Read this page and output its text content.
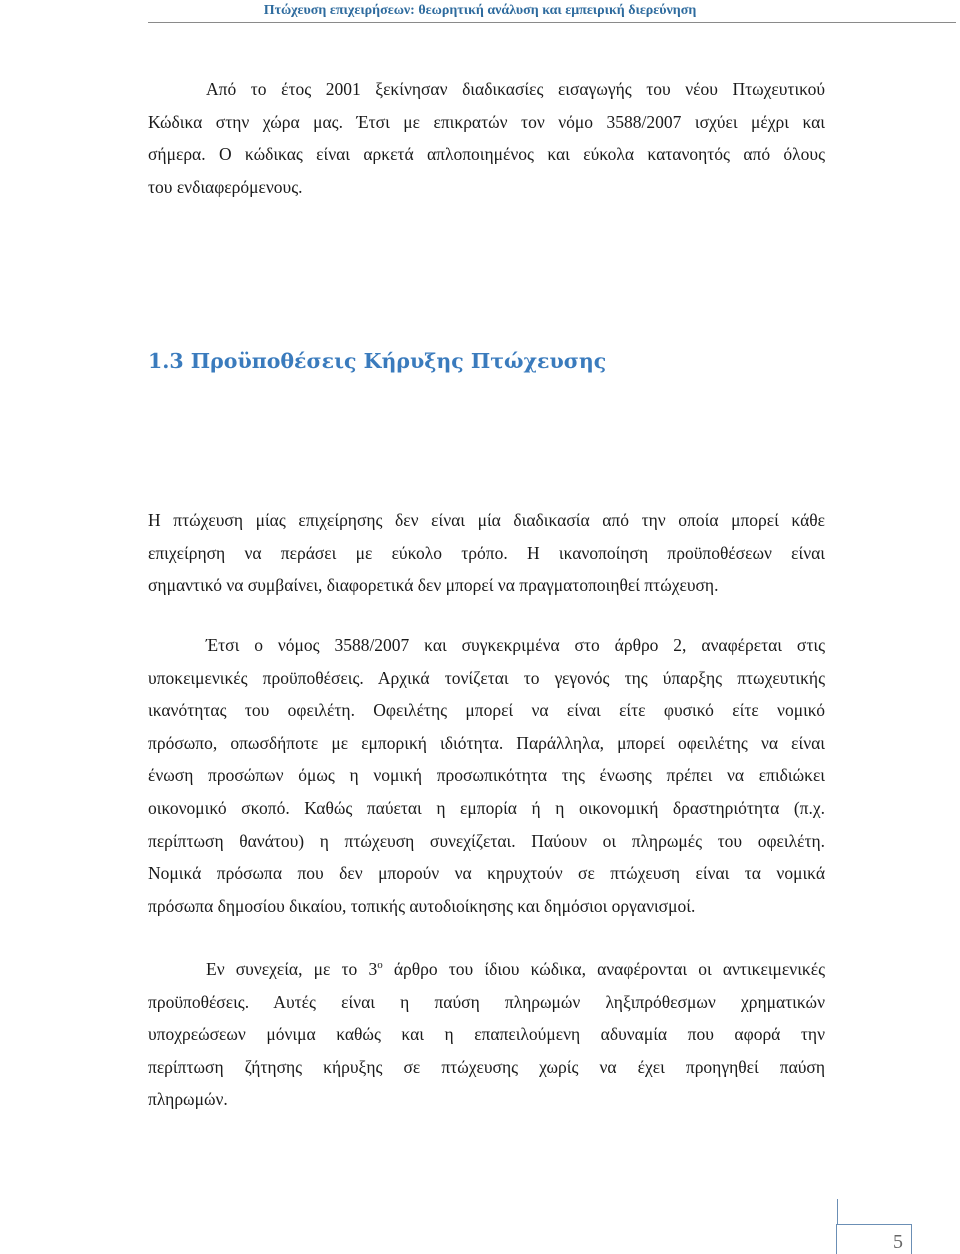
Πτώχευση επιχειρήσεων: θεωρητική ανάλυση και εμπειρική διερεύνηση
Από το έτος 2001 ξεκίνησαν διαδικασίες εισαγωγής του νέου Πτωχευτικού
Κώδικα στην χώρα μας. Έτσι με επικρατών τον νόμο 3588/2007 ισχύει μέχρι και
σήμερα. Ο κώδικας είναι αρκετά απλοποιημένος και εύκολα κατανοητός από όλους
του ενδιαφερόμενους.
1.3 Προϋποθέσεις Κήρυξης Πτώχευσης
Η πτώχευση μίας επιχείρησης δεν είναι μία διαδικασία από την οποία μπορεί κάθε
επιχείρηση να περάσει με εύκολο τρόπο. Η ικανοποίηση προϋποθέσεων είναι
σημαντικό να συμβαίνει, διαφορετικά δεν μπορεί να πραγματοποιηθεί πτώχευση.
Έτσι ο νόμος 3588/2007 και συγκεκριμένα στο άρθρο 2, αναφέρεται στις
υποκειμενικές προϋποθέσεις. Αρχικά τονίζεται το γεγονός της ύπαρξης πτωχευτικής
ικανότητας του οφειλέτη. Οφειλέτης μπορεί να είναι είτε φυσικό είτε νομικό
πρόσωπο, οπωσδήποτε με εμπορική ιδιότητα. Παράλληλα, μπορεί οφειλέτης να είναι
ένωση προσώπων όμως η νομική προσωπικότητα της ένωσης πρέπει να επιδιώκει
οικονομικό σκοπό. Καθώς παύεται η εμπορία ή η οικονομική δραστηριότητα (π.χ.
περίπτωση θανάτου) η πτώχευση συνεχίζεται. Παύουν οι πληρωμές του οφειλέτη.
Νομικά πρόσωπα που δεν μπορούν να κηρυχτούν σε πτώχευση είναι τα νομικά
πρόσωπα δημοσίου δικαίου, τοπικής αυτοδιοίκησης και δημόσιοι οργανισμοί.
Εν συνεχεία, με το $3^o$ άρθρο του ίδιου κώδικα, αναφέρονται οι αντικειμενικές
προϋποθέσεις. Αυτές είναι η παύση πληρωμών ληξιπρόθεσμων χρηματικών
υποχρεώσεων μόνιμα καθώς και η επαπειλούμενη αδυναμία που αφορά την
περίπτωση ζήτησης κήρυξης σε πτώχευσης χωρίς να έχει προηγηθεί παύση
πληρωμών.
5
